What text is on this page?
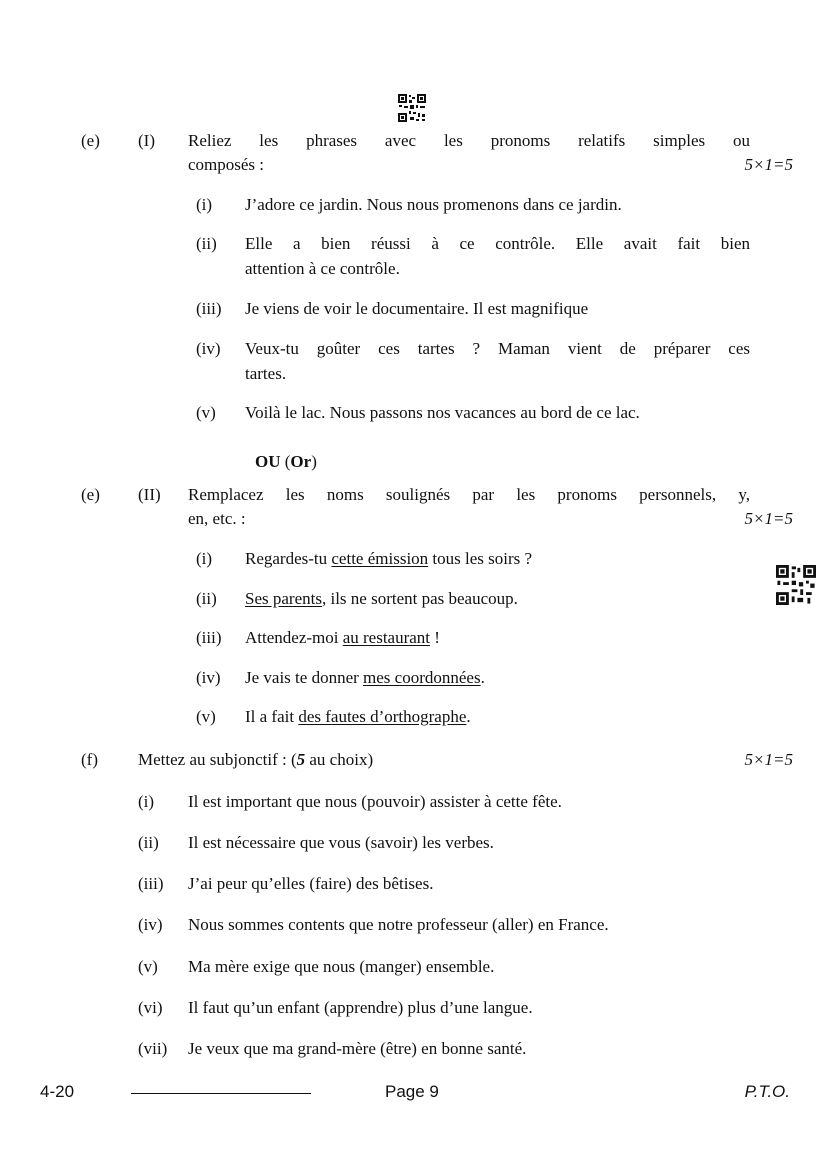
(e) (I) Reliez les phrases avec les pronoms relatifs simples ou
composés :	5×1=5
(i) J’adore ce jardin. Nous nous promenons dans ce jardin.
(ii) Elle a bien réussi à ce contrôle. Elle avait fait bien
attention à ce contrôle.
(iii) Je viens de voir le documentaire. Il est magnifique
(iv) Veux-tu goûter ces tartes ? Maman vient de préparer ces
tartes.
(v) Voilà le lac. Nous passons nos vacances au bord de ce lac.
OU (Or)
(e) (II) Remplacez les noms soulignés par les pronoms personnels, y,
en, etc. :	5×1=5
(i) Regardes-tu cette émission tous les soirs ?
(ii) Ses parents, ils ne sortent pas beaucoup.
(iii) Attendez-moi au restaurant !
(iv) Je vais te donner mes coordonnées.
(v) Il a fait des fautes d’orthographe.
(f) Mettez au subjonctif : (5 au choix)	5×1=5
(i) Il est important que nous (pouvoir) assister à cette fête.
(ii) Il est nécessaire que vous (savoir) les verbes.
(iii) J’ai peur qu’elles (faire) des bêtises.
(iv) Nous sommes contents que notre professeur (aller) en France.
(v) Ma mère exige que nous (manger) ensemble.
(vi) Il faut qu’un enfant (apprendre) plus d’une langue.
(vii) Je veux que ma grand-mère (être) en bonne santé.
4-20	Page 9	P.T.O.
